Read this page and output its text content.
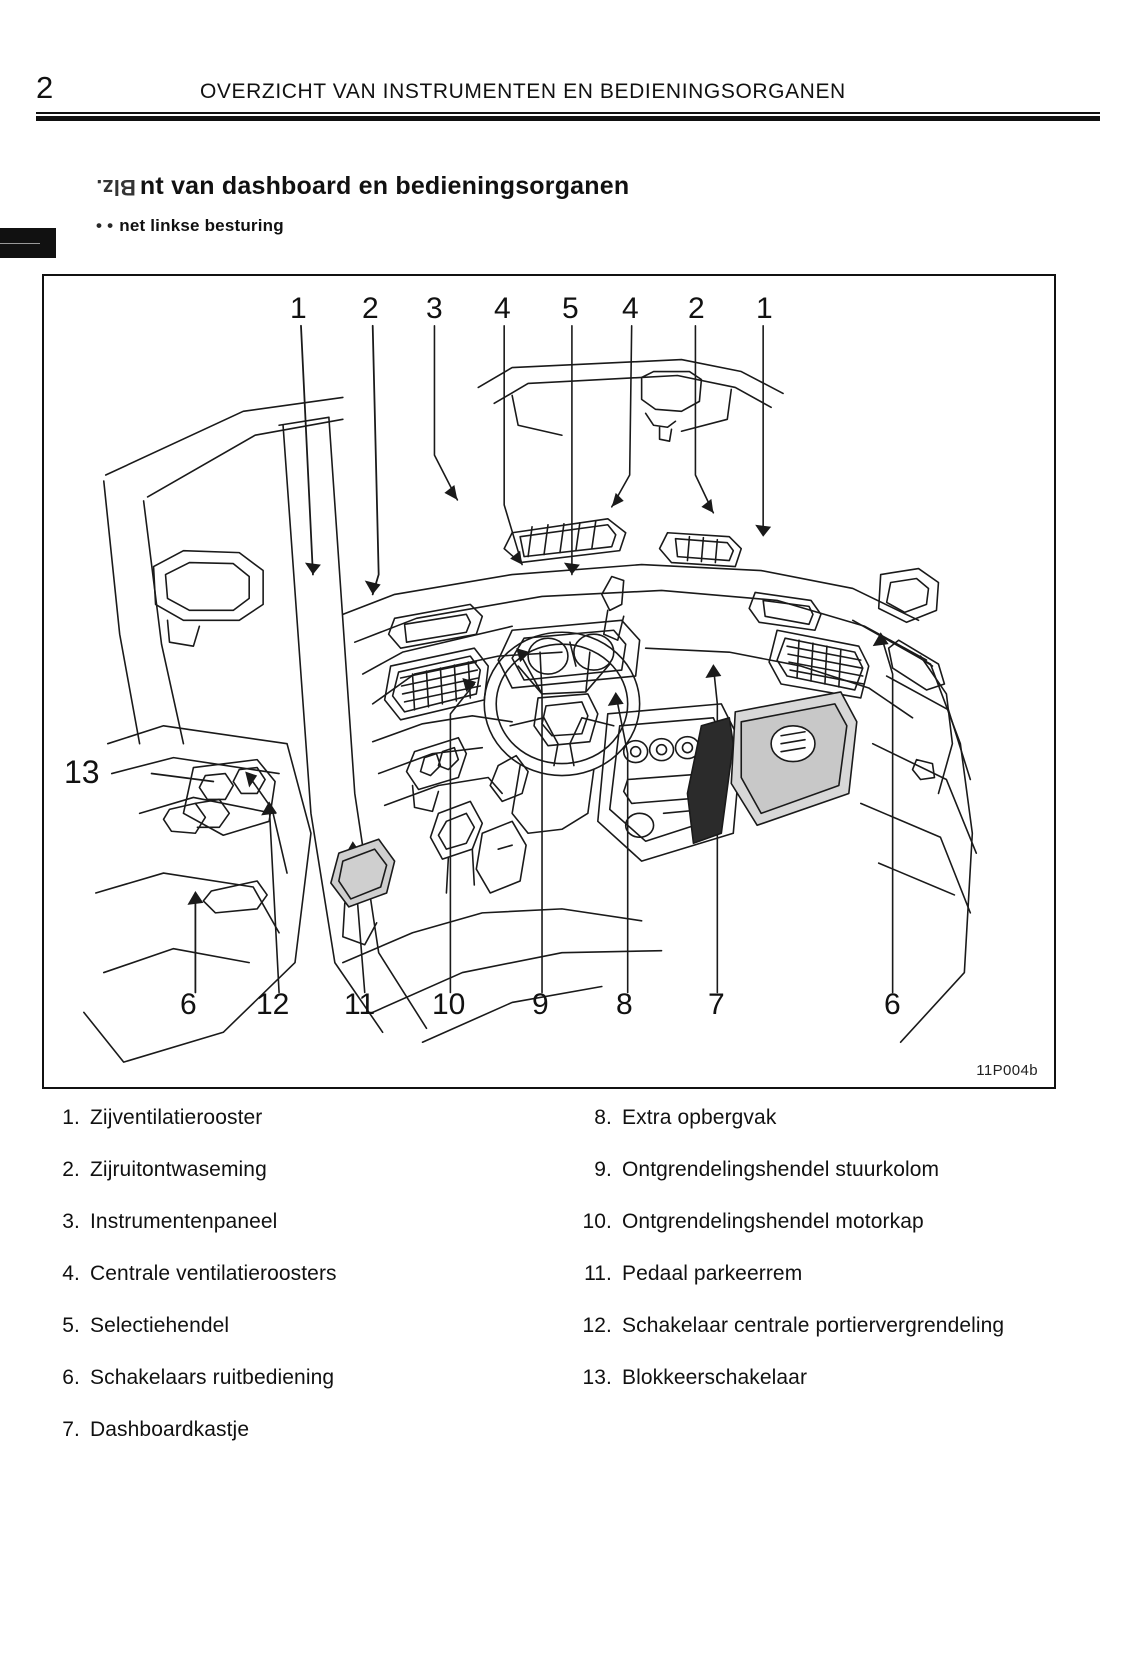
2	OVERZICHT VAN INSTRUMENTEN EN BEDIENINGSORGANEN
Blz. nt van dashboard en bedieningsorganen
• • net linkse besturing
1 2 3 4 5 4 2 1
13
6 12 11 10 9 8	7	6
11P004b
1. Zijventilatierooster
2. Zijruitontwaseming
3. Instrumentenpaneel
4. Centrale ventilatieroosters
5. Selectiehendel
6. Schakelaars ruitbediening
7. Dashboardkastje
8. Extra opbergvak
9. Ontgrendelingshendel stuurkolom
10. Ontgrendelingshendel motorkap
11. Pedaal parkeerrem
12. Schakelaar centrale portiervergrendeling
13. Blokkeerschakelaar
